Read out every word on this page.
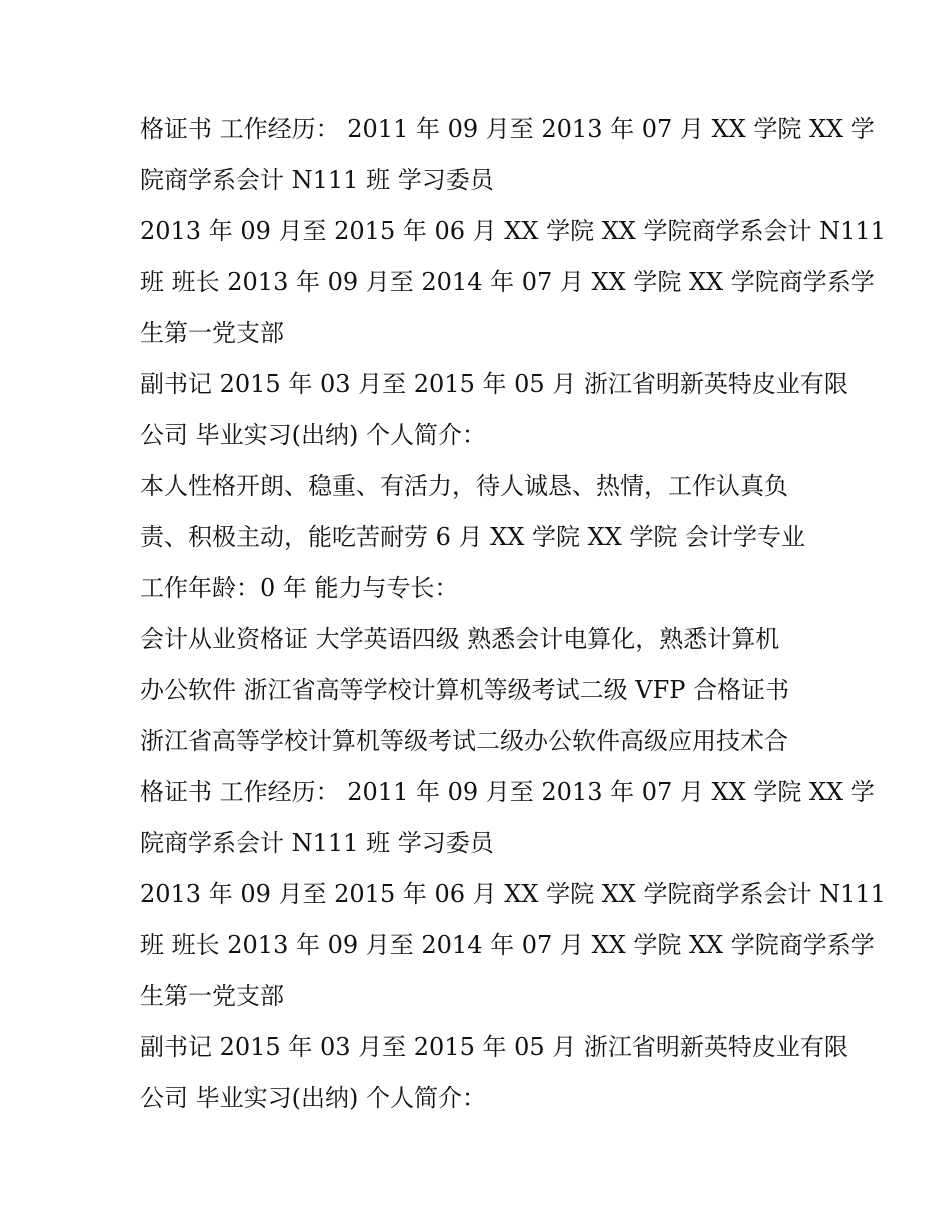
格证书 工作经历： 2011 年 09 月至 2013 年 07 月 XX 学院 XX 学
院商学系会计 N111 班 学习委员
2013 年 09 月至 2015 年 06 月 XX 学院 XX 学院商学系会计 N111
班 班长 2013 年 09 月至 2014 年 07 月 XX 学院 XX 学院商学系学
生第一党支部
副书记 2015 年 03 月至 2015 年 05 月 浙江省明新英特皮业有限
公司 毕业实习(出纳) 个人简介：
本人性格开朗、稳重、有活力，待人诚恳、热情，工作认真负
责、积极主动，能吃苦耐劳 6 月 XX 学院 XX 学院 会计学专业
工作年龄：0 年 能力与专长：
会计从业资格证 大学英语四级 熟悉会计电算化，熟悉计算机
办公软件 浙江省高等学校计算机等级考试二级 VFP 合格证书
浙江省高等学校计算机等级考试二级办公软件高级应用技术合
格证书 工作经历： 2011 年 09 月至 2013 年 07 月 XX 学院 XX 学
院商学系会计 N111 班 学习委员
2013 年 09 月至 2015 年 06 月 XX 学院 XX 学院商学系会计 N111
班 班长 2013 年 09 月至 2014 年 07 月 XX 学院 XX 学院商学系学
生第一党支部
副书记 2015 年 03 月至 2015 年 05 月 浙江省明新英特皮业有限
公司 毕业实习(出纳) 个人简介：
